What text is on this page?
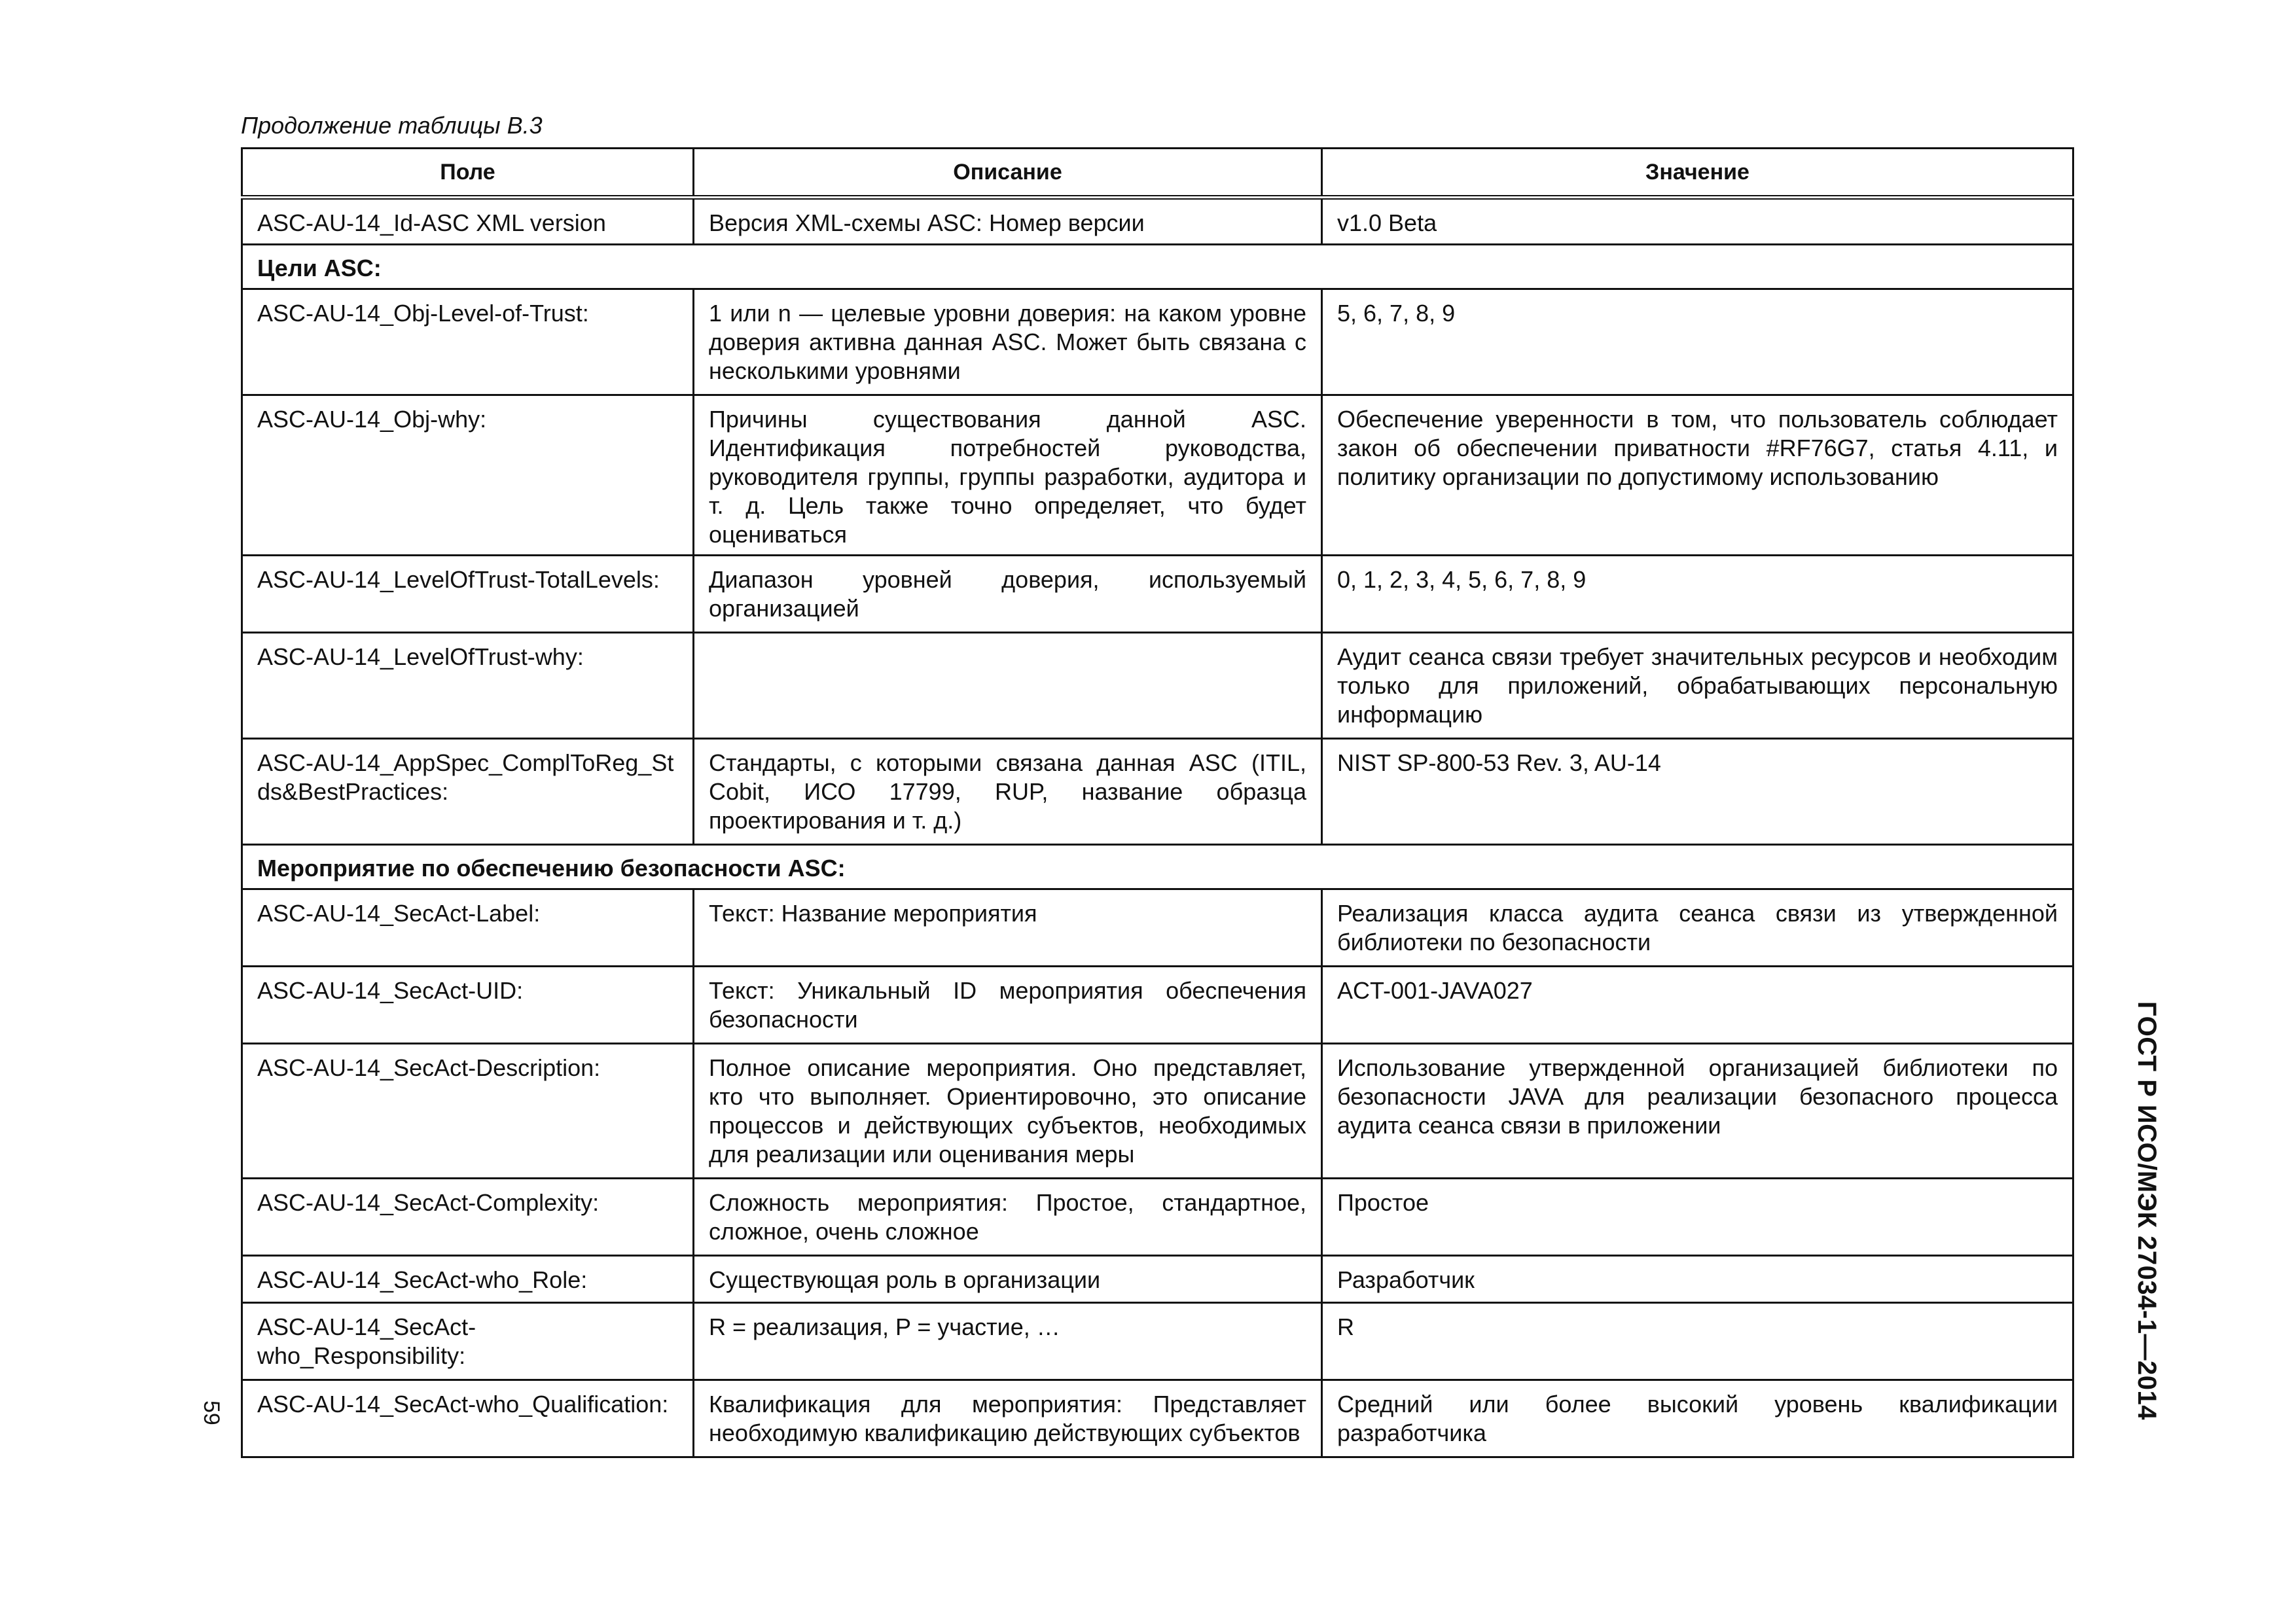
Продолжение таблицы В.3
Поле	Описание	Значение
ASC-AU-14_Id-ASC XML version	Версия XML-схемы ASC: Номер версии	v1.0 Beta
Цели ASC:		
ASC-AU-14_Obj-Level-of-Trust:	1 или n — целевые уровни доверия: на каком уровне доверия активна данная ASC. Может быть связана с несколькими уровнями	5, 6, 7, 8, 9
ASC-AU-14_Obj-why:	Причины существования данной ASC. Идентификация потребностей руководства, руководителя группы, группы разработки, аудитора и т. д. Цель также точно определяет, что будет оцениваться	Обеспечение уверенности в том, что пользователь соблюдает закон об обеспечении приватности #RF76G7, статья 4.11, и политику организации по допустимому использованию
ASC-AU-14_LevelOfTrust-TotalLevels:	Диапазон уровней доверия, используемый организацией	0, 1, 2, 3, 4, 5, 6, 7, 8, 9
ASC-AU-14_LevelOfTrust-why:		Аудит сеанса связи требует значительных ресурсов и необходим только для приложений, обрабатывающих персональную информацию
ASC-AU-14_AppSpec_ComplToReg_St ds&BestPractices:	Стандарты, с которыми связана данная ASC (ITIL, Cobit, ИСО 17799, RUP, название образца проектирования и т. д.)	NIST SP-800-53 Rev. 3, AU-14
Мероприятие по обеспечению безопасности ASC:		
ASC-AU-14_SecAct-Label:	Текст: Название мероприятия	Реализация класса аудита сеанса связи из утвержденной библиотеки по безопасности
ASC-AU-14_SecAct-UID:	Текст: Уникальный ID мероприятия обеспечения безопасности	ACT-001-JAVA027
ASC-AU-14_SecAct-Description:	Полное описание мероприятия. Оно представляет, кто что выполняет. Ориентировочно, это описание процессов и действующих субъектов, необходимых для реализации или оценивания меры	Использование утвержденной организацией библиотеки по безопасности JAVA для реализации безопасного процесса аудита сеанса связи в приложении
ASC-AU-14_SecAct-Complexity:	Сложность мероприятия: Простое, стандартное, сложное, очень сложное	Простое
ASC-AU-14_SecAct-who_Role:	Существующая роль в организации	Разработчик
ASC-AU-14_SecAct-who_Responsibility:	R = реализация, P = участие, …	R
ASC-AU-14_SecAct-who_Qualification:	Квалификация для мероприятия: Представляет необходимую квалификацию действующих субъектов	Средний или более высокий уровень квалификации разработчика
ГОСТ Р ИСО/МЭК 27034-1—2014
59
